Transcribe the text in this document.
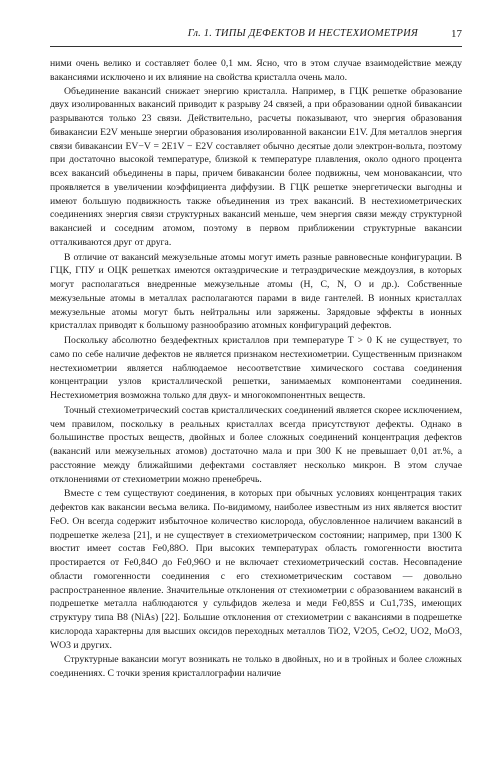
Гл. 1. ТИПЫ ДЕФЕКТОВ И НЕСТЕХИОМЕТРИЯ	17

ними очень велико и составляет более 0,1 мм. Ясно, что в этом случае взаимодействие между вакансиями исключено и их влияние на свойства кристалла очень мало.

Объединение вакансий снижает энергию кристалла. Например, в ГЦК решетке образование двух изолированных вакансий приводит к разрыву 24 связей, а при образовании одной бивакансии разрываются только 23 связи. Действительно, расчеты показывают, что энергия образования бивакансии E2V меньше энергии образования изолированной вакансии E1V. Для металлов энергия связи бивакансии EV−V = 2E1V − E2V составляет обычно десятые доли электрон-вольта, поэтому при достаточно высокой температуре, близкой к температуре плавления, около одного процента всех вакансий объединены в пары, причем бивакансии более подвижны, чем моновакансии, что проявляется в увеличении коэффициента диффузии. В ГЦК решетке энергетически выгодны и имеют большую подвижность также объединения из трех вакансий. В нестехиометрических соединениях энергия связи структурных вакансий меньше, чем энергия связи между структурной вакансией и соседним атомом, поэтому в первом приближении структурные вакансии отталкиваются друг от друга.

В отличие от вакансий межузельные атомы могут иметь разные равновесные конфигурации. В ГЦК, ГПУ и ОЦК решетках имеются октаэдрические и тетраэдрические междоузлия, в которых могут располагаться внедренные межузельные атомы (H, C, N, O и др.). Собственные межузельные атомы в металлах располагаются парами в виде гантелей. В ионных кристаллах межузельные атомы могут быть нейтральны или заряжены. Зарядовые эффекты в ионных кристаллах приводят к большому разнообразию атомных конфигураций дефектов.

Поскольку абсолютно бездефектных кристаллов при температуре T > 0 K не существует, то само по себе наличие дефектов не является признаком нестехиометрии. Существенным признаком нестехиометрии является наблюдаемое несоответствие химического состава соединения концентрации узлов кристаллической решетки, занимаемых компонентами соединения. Нестехиометрия возможна только для двух- и многокомпонентных веществ.

Точный стехиометрический состав кристаллических соединений является скорее исключением, чем правилом, поскольку в реальных кристаллах всегда присутствуют дефекты. Однако в большинстве простых веществ, двойных и более сложных соединений концентрация дефектов (вакансий или межузельных атомов) достаточно мала и при 300 K не превышает 0,01 ат.%, а расстояние между ближайшими дефектами составляет несколько микрон. В этом случае отклонениями от стехиометрии можно пренебречь.

Вместе с тем существуют соединения, в которых при обычных условиях концентрация таких дефектов как вакансии весьма велика. По-видимому, наиболее известным из них является вюстит FeO. Он всегда содержит избыточное количество кислорода, обусловленное наличием вакансий в подрешетке железа [21], и не существует в стехиометрическом состоянии; например, при 1300 K вюстит имеет состав Fe0,88O. При высоких температурах область гомогенности вюстита простирается от Fe0,84O до Fe0,96O и не включает стехиометрический состав. Несовпадение области гомогенности соединения с его стехиометрическим составом — довольно распространенное явление. Значительные отклонения от стехиометрии с образованием вакансий в подрешетке металла наблюдаются у сульфидов железа и меди Fe0,85S и Cu1,73S, имеющих структуру типа B8 (NiAs) [22]. Большие отклонения от стехиометрии с вакансиями в подрешетке кислорода характерны для высших оксидов переходных металлов TiO2, V2O5, CeO2, UO2, MoO3, WO3 и других.

Структурные вакансии могут возникать не только в двойных, но и в тройных и более сложных соединениях. С точки зрения кристаллографии наличие
